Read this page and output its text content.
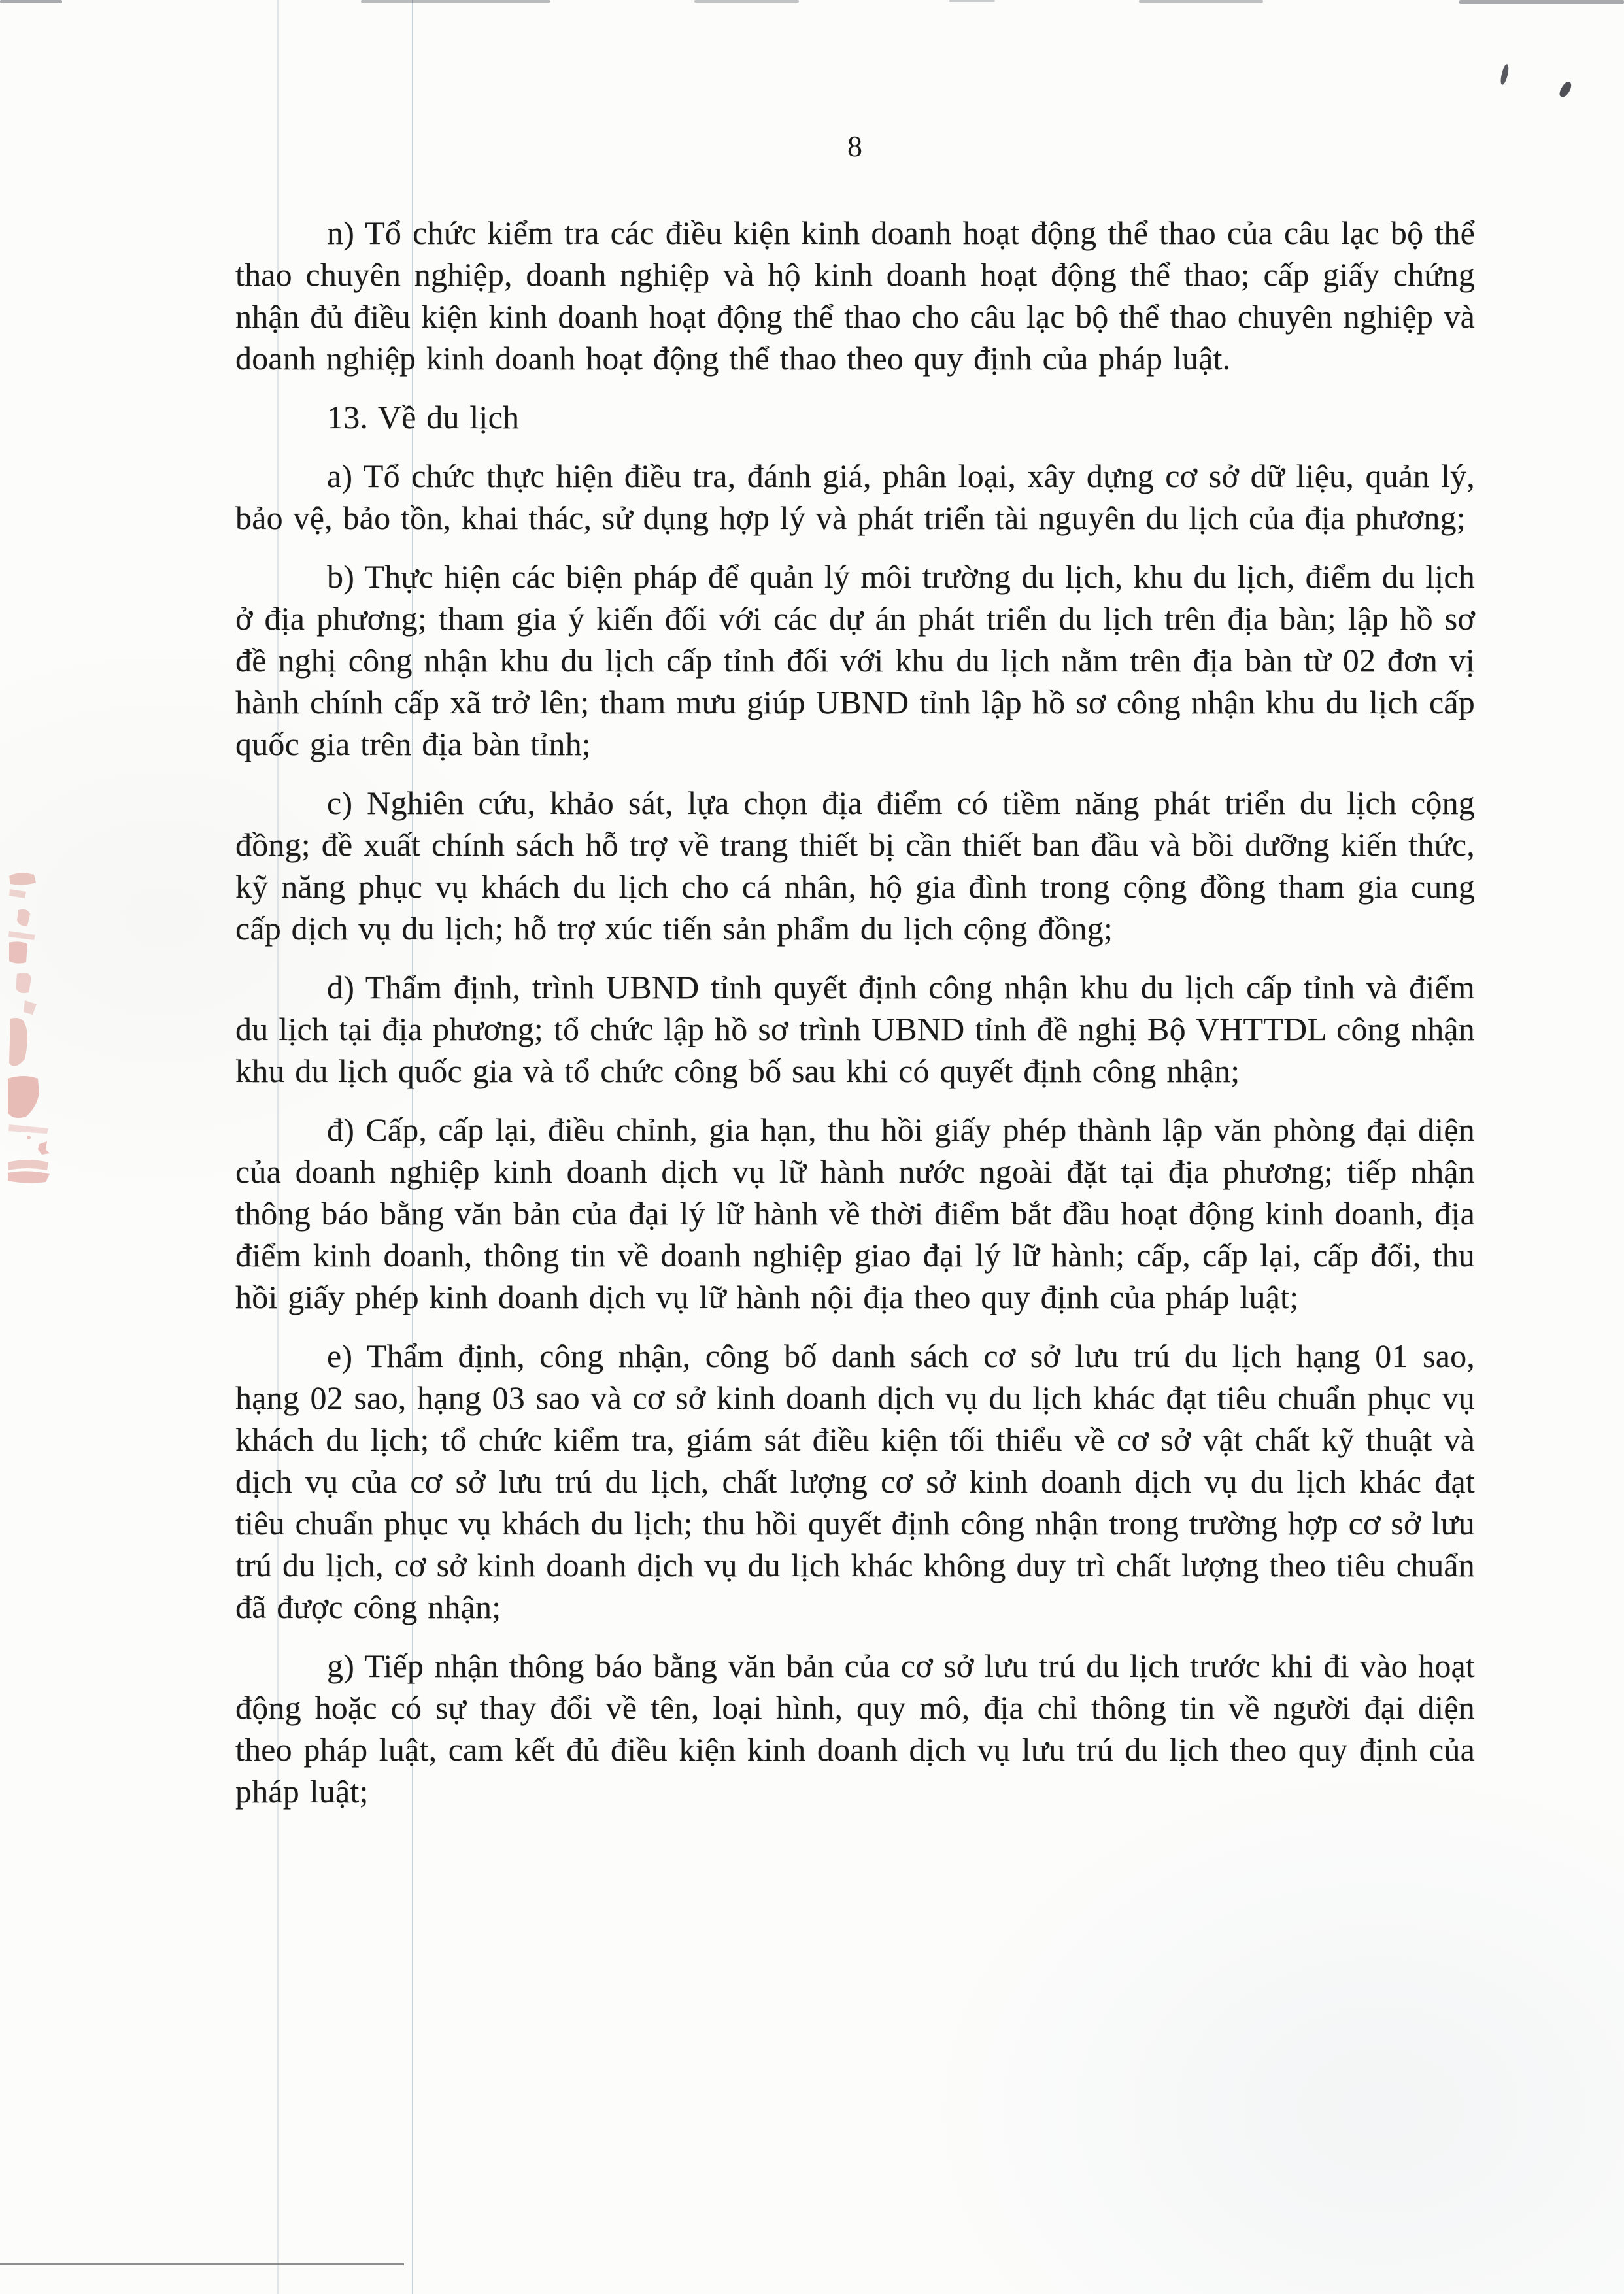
8

n) Tổ chức kiểm tra các điều kiện kinh doanh hoạt động thể thao của câu lạc bộ thể thao chuyên nghiệp, doanh nghiệp và hộ kinh doanh hoạt động thể thao; cấp giấy chứng nhận đủ điều kiện kinh doanh hoạt động thể thao cho câu lạc bộ thể thao chuyên nghiệp và doanh nghiệp kinh doanh hoạt động thể thao theo quy định của pháp luật.

13. Về du lịch

a) Tổ chức thực hiện điều tra, đánh giá, phân loại, xây dựng cơ sở dữ liệu, quản lý, bảo vệ, bảo tồn, khai thác, sử dụng hợp lý và phát triển tài nguyên du lịch của địa phương;

b) Thực hiện các biện pháp để quản lý môi trường du lịch, khu du lịch, điểm du lịch ở địa phương; tham gia ý kiến đối với các dự án phát triển du lịch trên địa bàn; lập hồ sơ đề nghị công nhận khu du lịch cấp tỉnh đối với khu du lịch nằm trên địa bàn từ 02 đơn vị hành chính cấp xã trở lên; tham mưu giúp UBND tỉnh lập hồ sơ công nhận khu du lịch cấp quốc gia trên địa bàn tỉnh;

c) Nghiên cứu, khảo sát, lựa chọn địa điểm có tiềm năng phát triển du lịch cộng đồng; đề xuất chính sách hỗ trợ về trang thiết bị cần thiết ban đầu và bồi dưỡng kiến thức, kỹ năng phục vụ khách du lịch cho cá nhân, hộ gia đình trong cộng đồng tham gia cung cấp dịch vụ du lịch; hỗ trợ xúc tiến sản phẩm du lịch cộng đồng;

d) Thẩm định, trình UBND tỉnh quyết định công nhận khu du lịch cấp tỉnh và điểm du lịch tại địa phương; tổ chức lập hồ sơ trình UBND tỉnh đề nghị Bộ VHTTDL công nhận khu du lịch quốc gia và tổ chức công bố sau khi có quyết định công nhận;

đ) Cấp, cấp lại, điều chỉnh, gia hạn, thu hồi giấy phép thành lập văn phòng đại diện của doanh nghiệp kinh doanh dịch vụ lữ hành nước ngoài đặt tại địa phương; tiếp nhận thông báo bằng văn bản của đại lý lữ hành về thời điểm bắt đầu hoạt động kinh doanh, địa điểm kinh doanh, thông tin về doanh nghiệp giao đại lý lữ hành; cấp, cấp lại, cấp đổi, thu hồi giấy phép kinh doanh dịch vụ lữ hành nội địa theo quy định của pháp luật;

e) Thẩm định, công nhận, công bố danh sách cơ sở lưu trú du lịch hạng 01 sao, hạng 02 sao, hạng 03 sao và cơ sở kinh doanh dịch vụ du lịch khác đạt tiêu chuẩn phục vụ khách du lịch; tổ chức kiểm tra, giám sát điều kiện tối thiểu về cơ sở vật chất kỹ thuật và dịch vụ của cơ sở lưu trú du lịch, chất lượng cơ sở kinh doanh dịch vụ du lịch khác đạt tiêu chuẩn phục vụ khách du lịch; thu hồi quyết định công nhận trong trường hợp cơ sở lưu trú du lịch, cơ sở kinh doanh dịch vụ du lịch khác không duy trì chất lượng theo tiêu chuẩn đã được công nhận;

g) Tiếp nhận thông báo bằng văn bản của cơ sở lưu trú du lịch trước khi đi vào hoạt động hoặc có sự thay đổi về tên, loại hình, quy mô, địa chỉ thông tin về người đại diện theo pháp luật, cam kết đủ điều kiện kinh doanh dịch vụ lưu trú du lịch theo quy định của pháp luật;
